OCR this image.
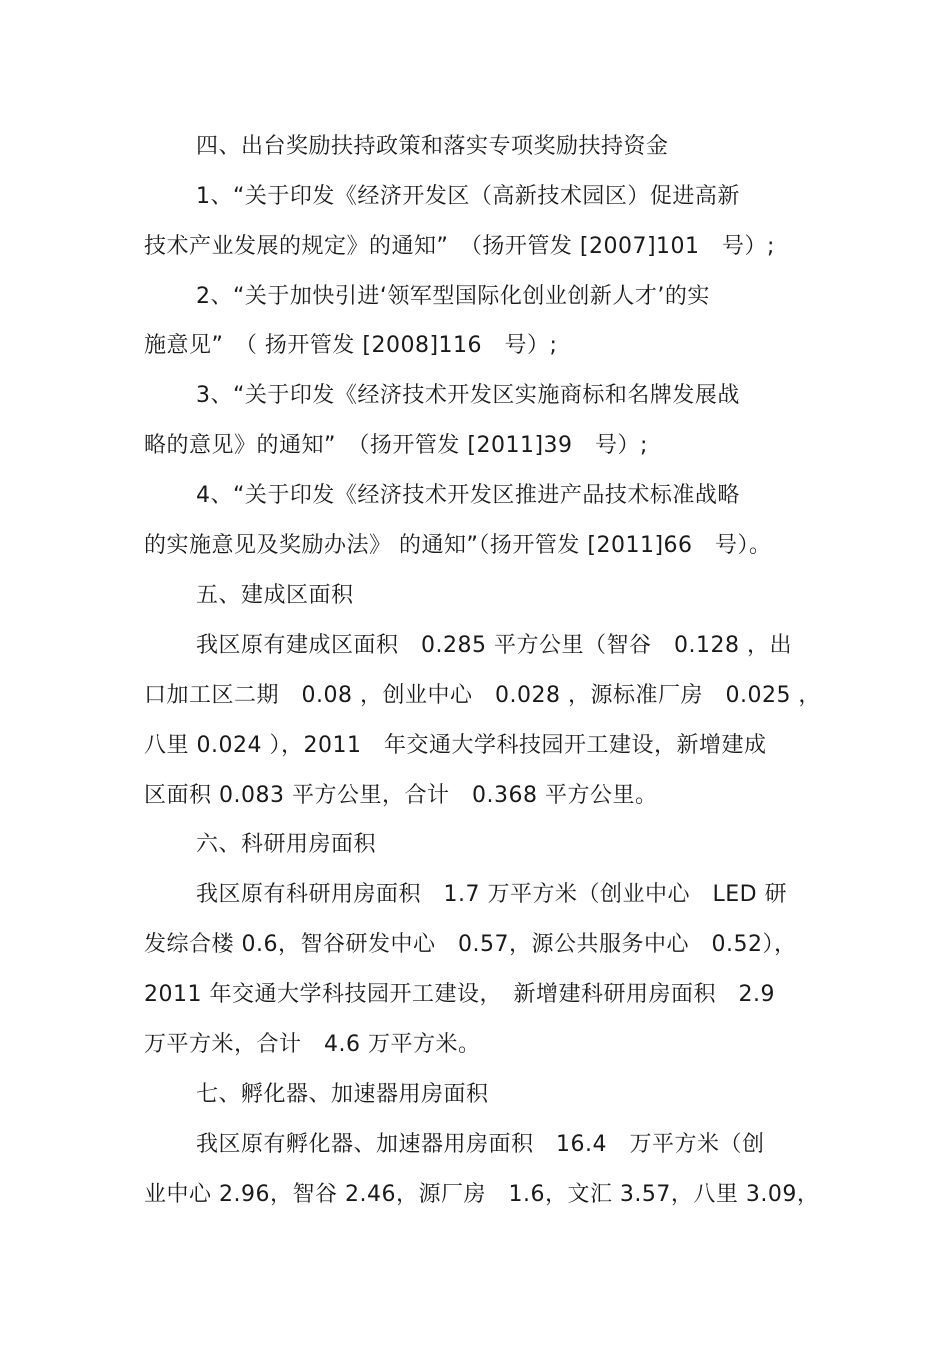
四、出台奖励扶持政策和落实专项奖励扶持资金
1、“关于印发《经济开发区（高新技术园区）促进高新
技术产业发展的规定》的通知”　（扬开管发 [2007]101　号）;
2、“关于加快引进‘领军型国际化创业创新人才’的实
施意见”　（ 扬开管发 [2008]116　号）;
3、“关于印发《经济技术开发区实施商标和名牌发展战
略的意见》的通知”　（扬开管发 [2011]39　号）;
4、“关于印发《经济技术开发区推进产品技术标准战略
的实施意见及奖励办法》 的通知”（扬开管发 [2011]66　号）。
五、建成区面积
我区原有建成区面积　0.285 平方公里（智谷　0.128 ，出
口加工区二期　0.08 ，创业中心　0.028 ，源标准厂房　0.025 ，
八里 0.024 ），2011　年交通大学科技园开工建设，新增建成
区面积 0.083 平方公里，合计　0.368 平方公里。
六、科研用房面积
我区原有科研用房面积　1.7 万平方米（创业中心　LED 研
发综合楼 0.6，智谷研发中心　0.57，源公共服务中心　0.52），
2011 年交通大学科技园开工建设，　新增建科研用房面积　2.9
万平方米，合计　4.6 万平方米。
七、孵化器、加速器用房面积
我区原有孵化器、加速器用房面积　16.4　万平方米（创
业中心 2.96，智谷 2.46，源厂房　1.6，文汇 3.57，八里 3.09，
